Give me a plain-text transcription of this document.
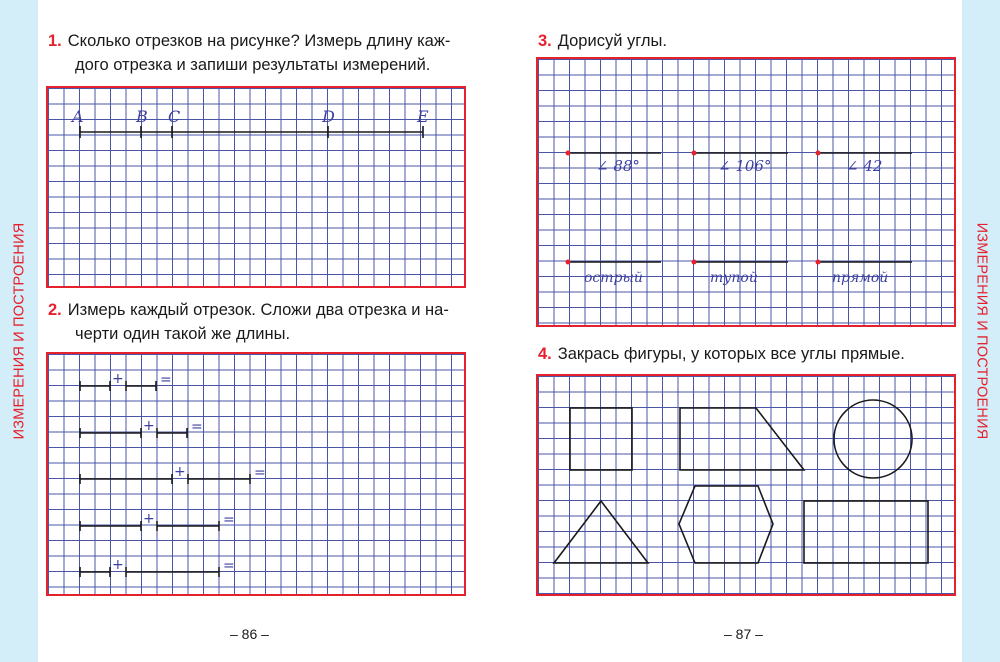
ИЗМЕРЕНИЯ И ПОСТРОЕНИЯ	ИЗМЕРЕНИЯ И ПОСТРОЕНИЯ
1. Сколько отрезков на рисунке? Измерь длину каж-
дого отрезка и запиши результаты измерений.
A	B C	D	E
2. Измерь каждый отрезок. Сложи два отрезка и на-
черти один такой же длины.
+	=
+	=
+	=
+	=
+	=
3. Дорисуй углы.
∠ 88°	∠ 106°	∠ 42
острый	тупой	прямой
4. Закрась фигуры, у которых все углы прямые.
– 86 –	– 87 –
